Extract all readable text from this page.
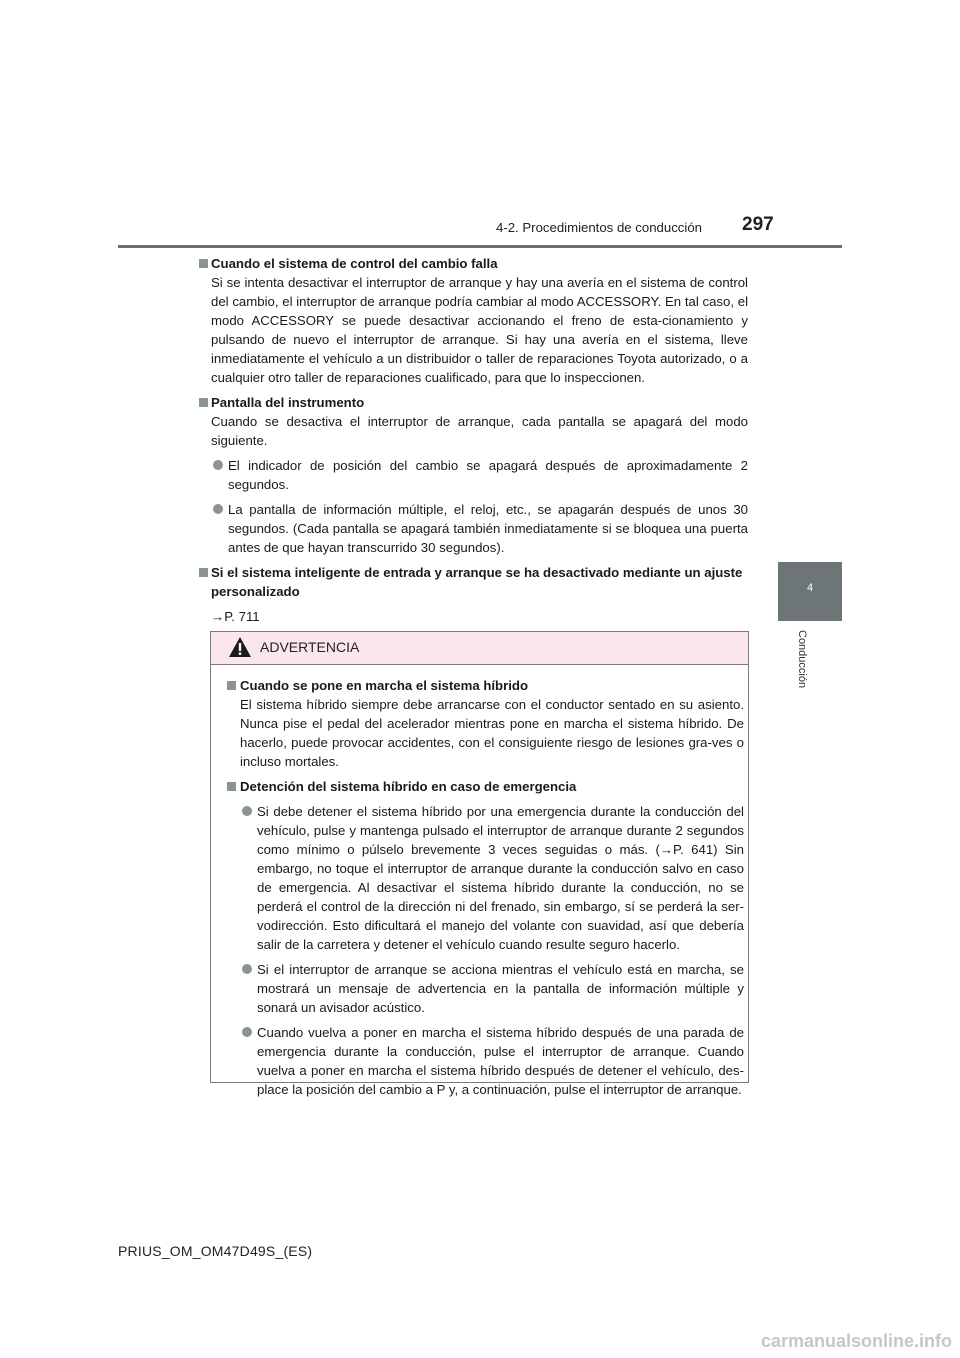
4-2. Procedimientos de conducción 297
4
Conducción
Cuando el sistema de control del cambio falla
Si se intenta desactivar el interruptor de arranque y hay una avería en el sistema de control del cambio, el interruptor de arranque podría cambiar al modo ACCESSORY. En tal caso, el modo ACCESSORY se puede desactivar accionando el freno de esta-cionamiento y pulsando de nuevo el interruptor de arranque. Si hay una avería en el sistema, lleve inmediatamente el vehículo a un distribuidor o taller de reparaciones Toyota autorizado, o a cualquier otro taller de reparaciones cualificado, para que lo inspeccionen.
Pantalla del instrumento
Cuando se desactiva el interruptor de arranque, cada pantalla se apagará del modo siguiente.
El indicador de posición del cambio se apagará después de aproximadamente 2 segundos.
La pantalla de información múltiple, el reloj, etc., se apagarán después de unos 30 segundos. (Cada pantalla se apagará también inmediatamente si se bloquea una puerta antes de que hayan transcurrido 30 segundos).
Si el sistema inteligente de entrada y arranque se ha desactivado mediante un ajuste personalizado
→P. 711
ADVERTENCIA
Cuando se pone en marcha el sistema híbrido
El sistema híbrido siempre debe arrancarse con el conductor sentado en su asiento. Nunca pise el pedal del acelerador mientras pone en marcha el sistema híbrido. De hacerlo, puede provocar accidentes, con el consiguiente riesgo de lesiones gra-ves o incluso mortales.
Detención del sistema híbrido en caso de emergencia
Si debe detener el sistema híbrido por una emergencia durante la conducción del vehículo, pulse y mantenga pulsado el interruptor de arranque durante 2 segundos como mínimo o púlselo brevemente 3 veces seguidas o más. (→P. 641) Sin embargo, no toque el interruptor de arranque durante la conducción salvo en caso de emergencia. Al desactivar el sistema híbrido durante la conducción, no se perderá el control de la dirección ni del frenado, sin embargo, sí se perderá la ser-vodirección. Esto dificultará el manejo del volante con suavidad, así que debería salir de la carretera y detener el vehículo cuando resulte seguro hacerlo.
Si el interruptor de arranque se acciona mientras el vehículo está en marcha, se mostrará un mensaje de advertencia en la pantalla de información múltiple y sonará un avisador acústico.
Cuando vuelva a poner en marcha el sistema híbrido después de una parada de emergencia durante la conducción, pulse el interruptor de arranque. Cuando vuelva a poner en marcha el sistema híbrido después de detener el vehículo, des-place la posición del cambio a P y, a continuación, pulse el interruptor de arranque.
PRIUS_OM_OM47D49S_(ES)
carmanualsonline.info
